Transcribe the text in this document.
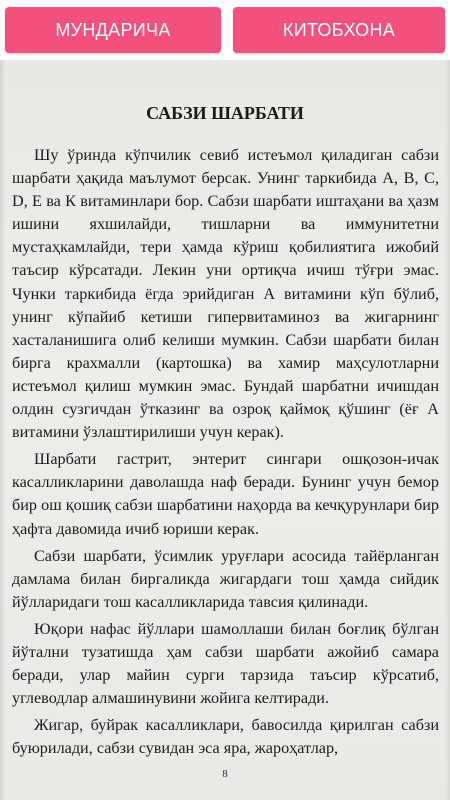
МУНДАРИЧА	КИТОБХОНА
САБЗИ ШАРБАТИ

Шу ўринда кўпчилик севиб истеъмол қиладиган сабзи шарбати ҳақида маълумот берсак. Унинг таркибида А, В, С, D, Е ва К витаминлари бор. Сабзи шарбати иштаҳани ва ҳазм ишини яхшилайди, тишларни ва иммунитетни мустаҳкамлайди, тери ҳамда кўриш қобилиятига ижобий таъсир кўрсатади. Лекин уни ортиқча ичиш тўғри эмас. Чунки таркибида ёгда эрийдиган А витамини кўп бўлиб, унинг кўпайиб кетиши гипервитаминоз ва жигарнинг хасталанишига олиб келиши мумкин. Сабзи шарбати билан бирга крахмалли (картошка) ва хамир маҳсулотларни истеъмол қилиш мумкин эмас. Бундай шарбатни ичишдан олдин сузгичдан ўтказинг ва озроқ қаймоқ қўшинг (ёғ А витамини ўзлаштирилиши учун керак).

Шарбати гастрит, энтерит сингари ошқозон-ичак касалликларини даволашда наф беради. Бунинг учун бемор бир ош қошиқ сабзи шарбатини наҳорда ва кечқурунлари бир ҳафта давомида ичиб юриши керак.

Сабзи шарбати, ўсимлик уруғлари асосида тайёрланган дамлама билан биргаликда жигардаги тош ҳамда сийдик йўлларидаги тош касалликларида тавсия қилинади.

Юқори нафас йўллари шамоллаши билан боғлиқ бўлган йўтални тузатишда ҳам сабзи шарбати ажойиб самара беради, улар майин сурги тарзида таъсир кўрсатиб, углеводлар алмашинувини жойига келтиради.

Жигар, буйрак касалликлари, бавосилда қирилган сабзи буюрилади, сабзи сувидан эса яра, жароҳатлар,

8
